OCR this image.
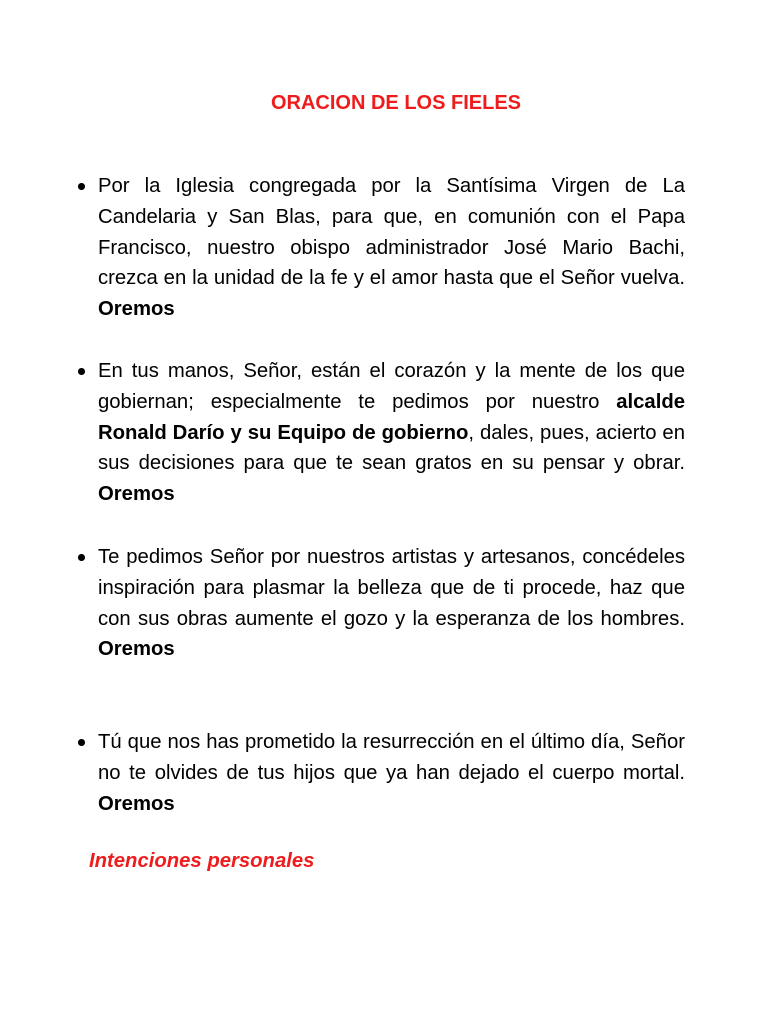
ORACION DE LOS FIELES
Por la Iglesia congregada por la Santísima Virgen de La Candelaria y San Blas, para que, en comunión con el Papa Francisco, nuestro obispo administrador José Mario Bachi, crezca en la unidad de la fe y el amor hasta que el Señor vuelva. Oremos
En tus manos, Señor, están el corazón y la mente de los que gobiernan; especialmente te pedimos por nuestro alcalde Ronald Darío y su Equipo de gobierno, dales, pues, acierto en sus decisiones para que te sean gratos en su pensar y obrar. Oremos
Te pedimos Señor por nuestros artistas y artesanos, concédeles inspiración para plasmar la belleza que de ti procede, haz que con sus obras aumente el gozo y la esperanza de los hombres. Oremos
Tú que nos has prometido la resurrección en el último día, Señor no te olvides de tus hijos que ya han dejado el cuerpo mortal. Oremos
Intenciones personales
